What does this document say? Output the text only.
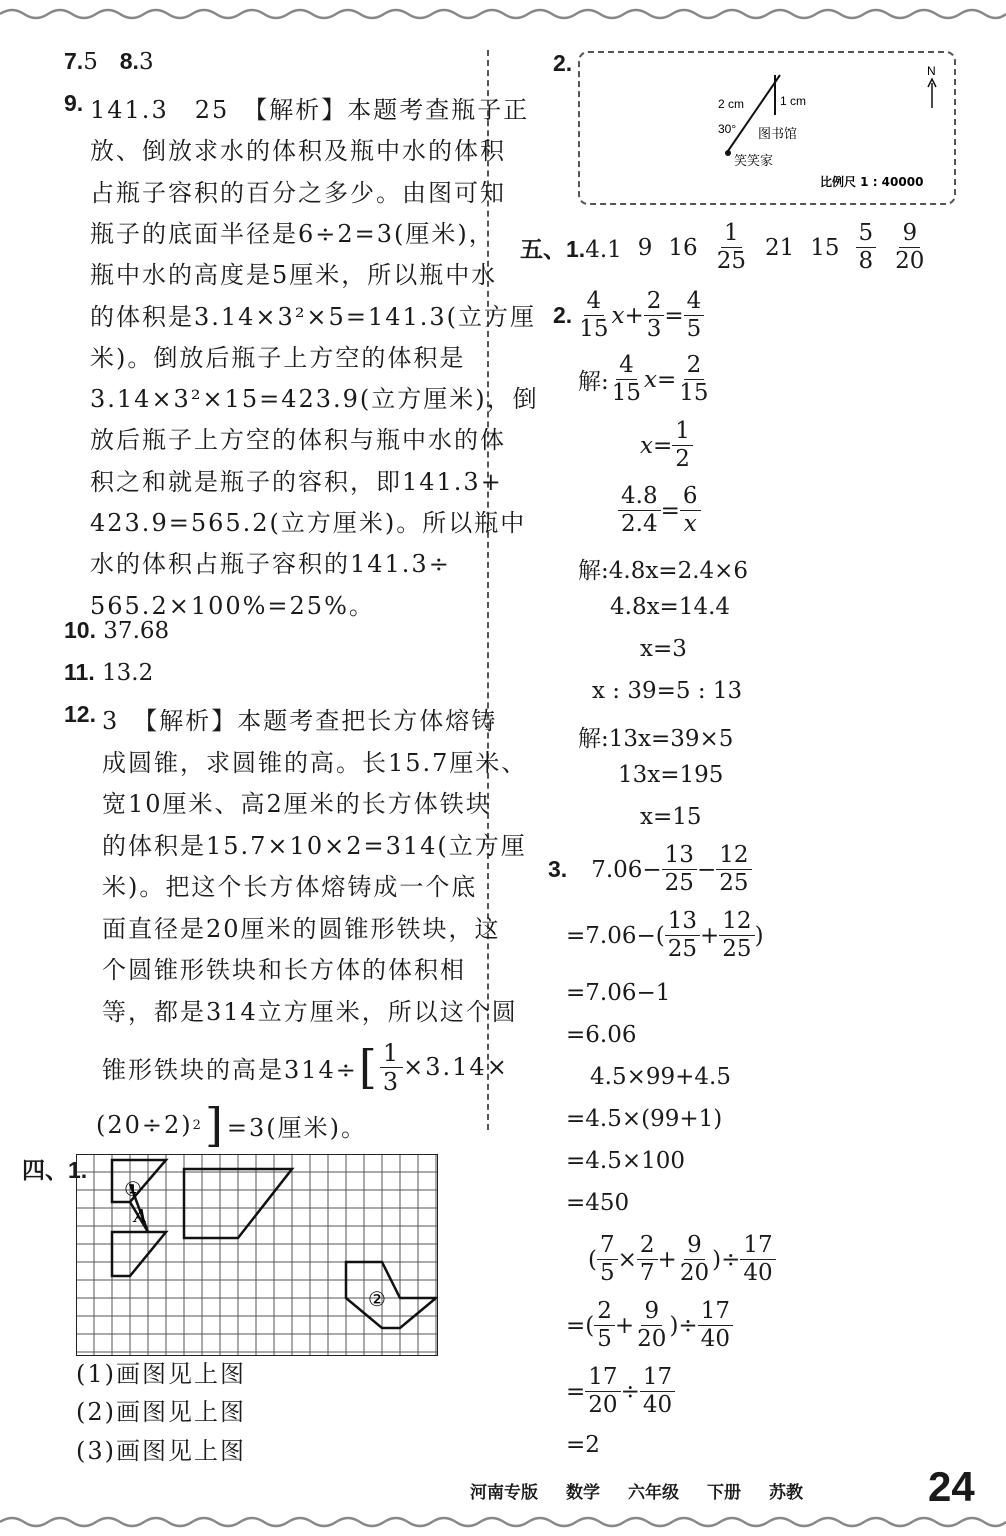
7.5 8.3
9. 141.3　25　【解析】本题考查瓶子正
放、倒放求水的体积及瓶中水的体积
占瓶子容积的百分之多少。由图可知
瓶子的底面半径是6÷2=3(厘米)，
瓶中水的高度是5厘米，所以瓶中水
的体积是3.14×3²×5=141.3(立方厘
米)。倒放后瓶子上方空的体积是
3.14×3²×15=423.9(立方厘米)，倒
放后瓶子上方空的体积与瓶中水的体
积之和就是瓶子的容积，即141.3+
423.9=565.2(立方厘米)。所以瓶中
水的体积占瓶子容积的141.3÷
565.2×100%=25%。
10. 37.68
11. 13.2
12. 3　【解析】本题考查把长方体熔铸
成圆锥，求圆锥的高。长15.7厘米、
宽10厘米、高2厘米的长方体铁块
的体积是15.7×10×2=314(立方厘
米)。把这个长方体熔铸成一个底
面直径是20厘米的圆锥形铁块，这
个圆锥形铁块和长方体的体积相
等，都是314立方厘米，所以这个圆
锥形铁块的高是314÷ [ $\frac{1}{3} \times 3.14\times$
(20÷2) 2 ] =3(厘米)。
四、1.
①
A
②
(1)画图见上图
(2)画图见上图
(3)画图见上图
2.
2 cm	1 cm
30° 图书馆
笑笑家
N
比例尺 1 : 40000
五、1.4.1 9 $16 \frac{1}{25} 21$ $15 \frac{5}{8} \frac{9}{20}$
2. $\frac{4}{15} x+ \frac{2}{3} = \frac{4}{5}$
解: $\frac{4}{15} x= \frac{2}{15}$
$x= \frac{1}{2}$
$\frac{4.8}{2.4} = \frac{6}{x}$
解:4.8x=2.4×6
4.8x=14.4
x=3
x : 39=5 : 13
解:13x=39×5
13x=195
x=15
3. $7.06- \frac{13}{25} - \frac{12}{25}$
$=7.06-( \frac{13}{25} + \frac{12}{25}$ )
=7.06−1
=6.06
4.5×99+4.5
=4.5×(99+1)
=4.5×100
=450
( $\frac{7}{5} \times \frac{2}{7} + \frac{9}{20}$ )÷ $\frac{17}{40}$
=( $\frac{2}{5} + \frac{9}{20}$ )÷ $\frac{17}{40}$
= $\frac{17}{20} \div \frac{17}{40}$
=2
河南专版 数学 六年级 下册 苏教	24
